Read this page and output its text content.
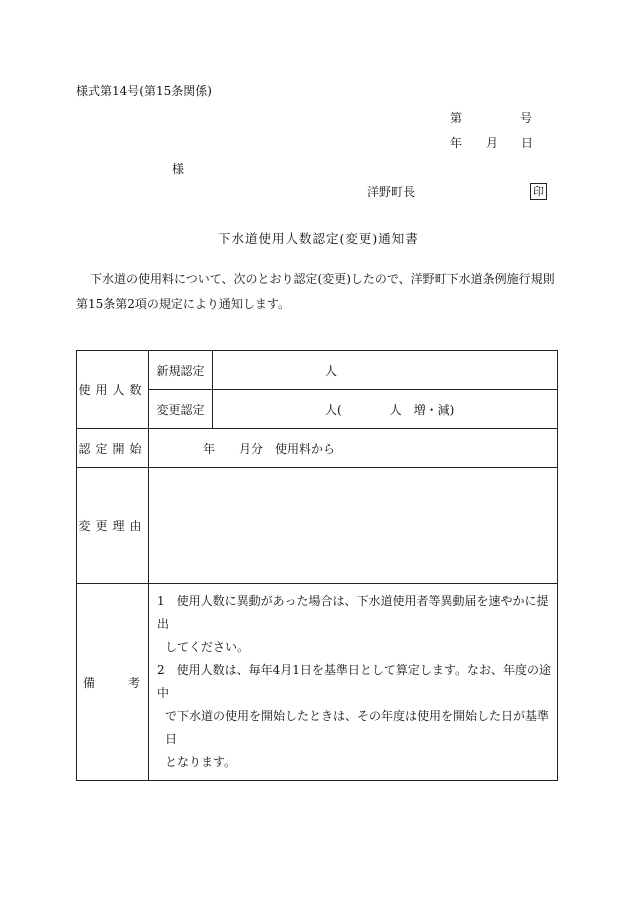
様式第14号(第15条関係)
第	号
年 月 日
様
洋野町長	印
下水道使用人数認定(変更)通知書
下水道の使用料について、次のとおり認定(変更)したので、洋野町下水道条例施行規則
第15条第2項の規定により通知します。
使用人数	新規認定	人
	変更認定	人(　　　　人　増・減)
認定開始	年　　月分　使用料から	
変更理由		

備 考	1　使用人数に異動があった場合は、下水道使用者等異動届を速やかに提出
してください。
2　使用人数は、毎年4月1日を基準日として算定します。なお、年度の途中
で下水道の使用を開始したときは、その年度は使用を開始した日が基準日
となります。	
